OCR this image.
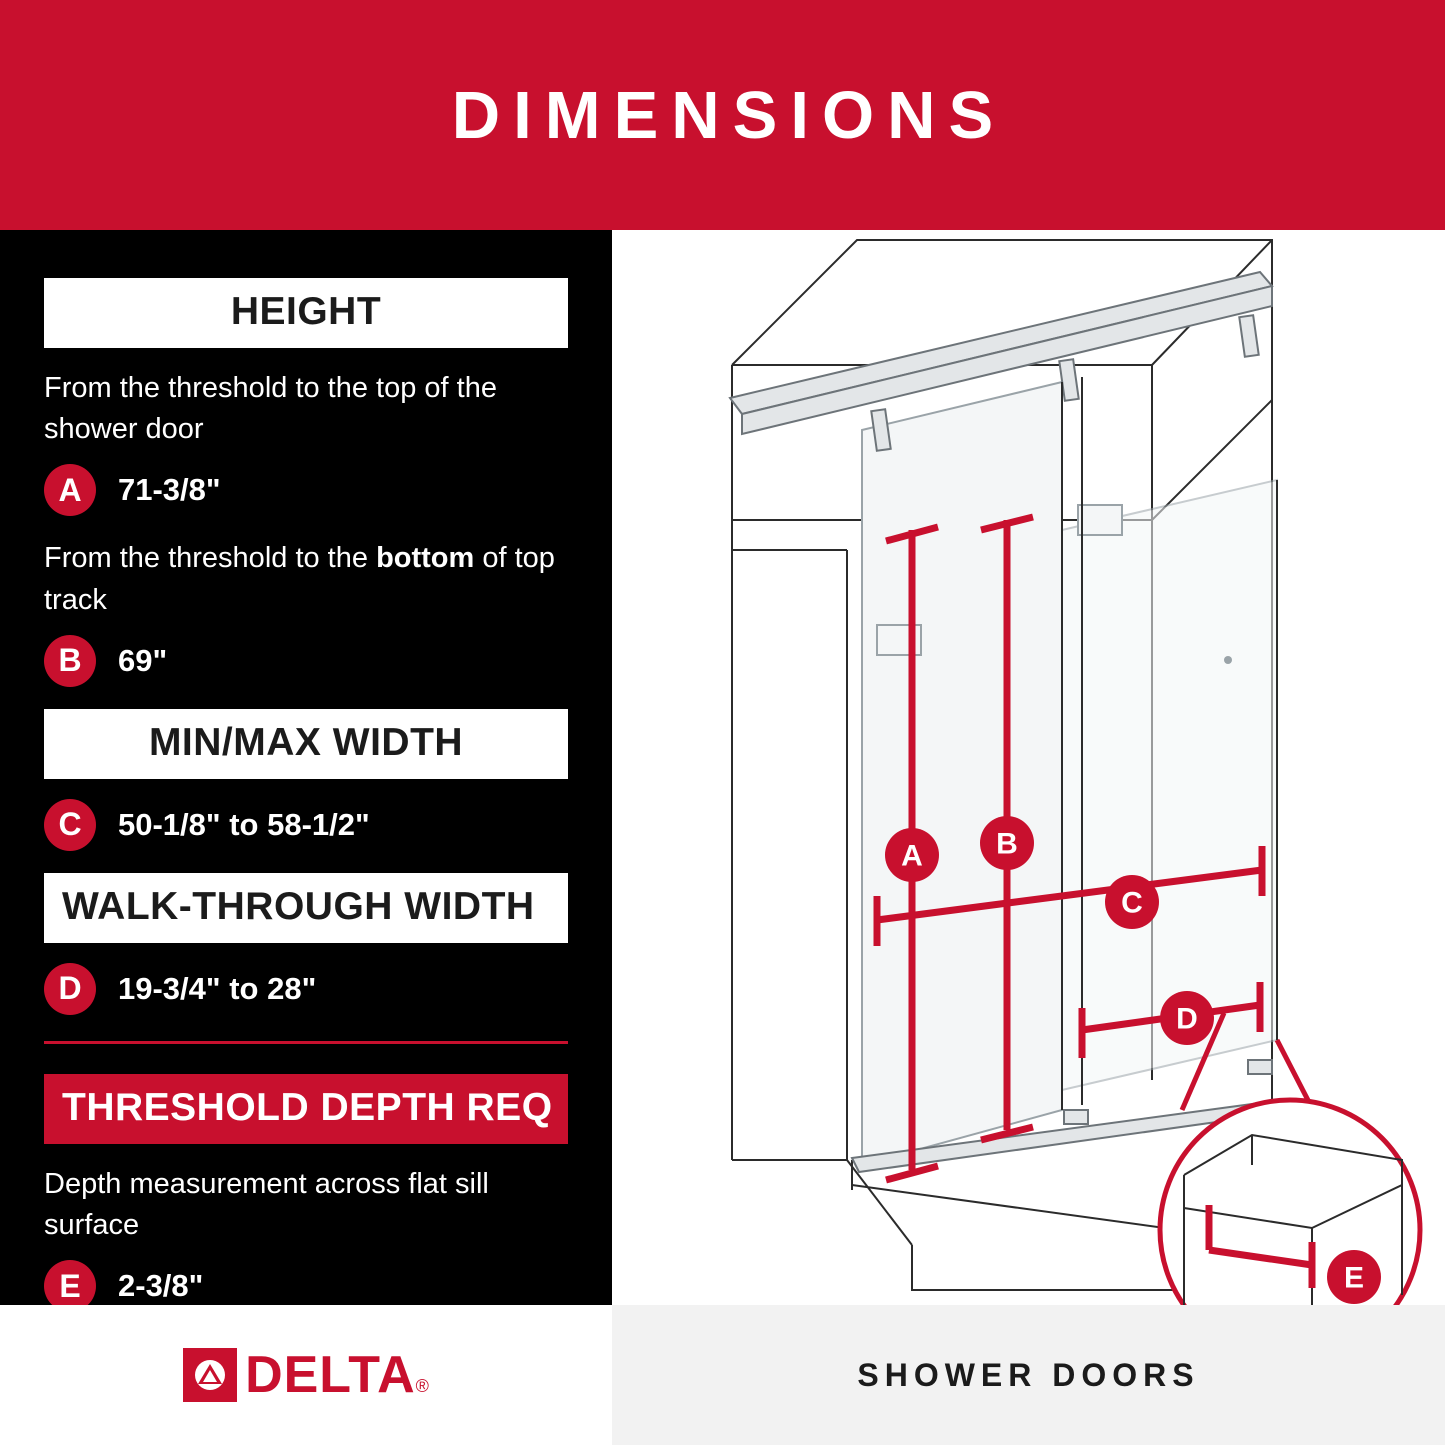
DIMENSIONS
HEIGHT

From the threshold to the top of the shower door

A	71-3/8"

From the threshold to the bottom of top track

B	69"
MIN/MAX WIDTH
C	50-1/8" to 58-1/2"
WALK-THROUGH WIDTH
D	19-3/4" to 28"
THRESHOLD DEPTH REQ

Depth measurement across flat sill surface

E	2-3/8"
A B
C
D
E
DELTA ®	SHOWER DOORS
